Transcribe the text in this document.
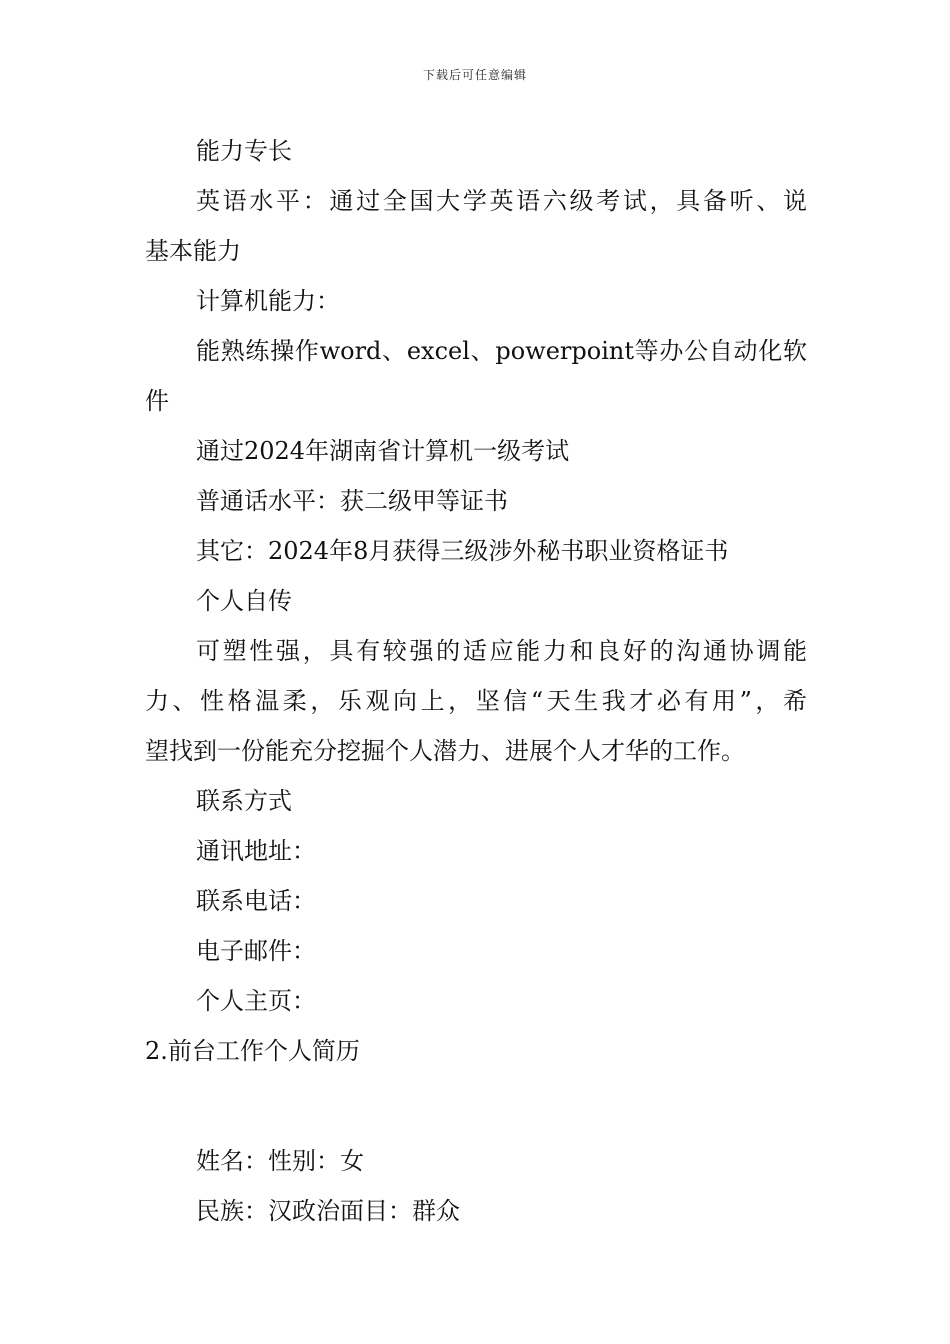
下载后可任意编辑
能力专长
英语水平：通过全国大学英语六级考试，具备听、说
基本能力
计算机能力：
能熟练操作word、excel、powerpoint等办公自动化软
件
通过2024年湖南省计算机一级考试
普通话水平：获二级甲等证书
其它：2024年8月获得三级涉外秘书职业资格证书
个人自传
可塑性强，具有较强的适应能力和良好的沟通协调能
力、性格温柔，乐观向上，坚信“天生我才必有用”，希
望找到一份能充分挖掘个人潜力、进展个人才华的工作。
联系方式
通讯地址：
联系电话：
电子邮件：
个人主页：
2.前台工作个人简历
姓名：性别：女
民族：汉政治面目：群众
